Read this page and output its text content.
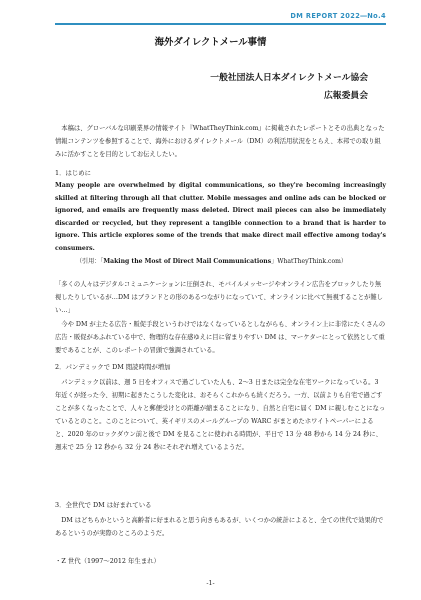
DM REPORT 2022―No.4
海外ダイレクトメール事情
一般社団法人日本ダイレクトメール協会
広報委員会

本稿は、グローバルな印刷業界の情報サイト『WhatTheyThink.com』に掲載されたレポートとその出典となった情報コンテンツを参照することで、海外におけるダイレクトメール（DM）の利活用状況をとらえ、本邦での取り組みに活かすことを目的としてお伝えしたい。

1．はじめに

Many people are overwhelmed by digital communications, so they're becoming increasingly skilled at filtering through all that clutter. Mobile messages and online ads can be blocked or ignored, and emails are frequently mass deleted. Direct mail pieces can also be immediately discarded or recycled, but they represent a tangible connection to a brand that is harder to ignore. This article explores some of the trends that make direct mail effective among today's consumers.

（引用：「Making the Most of Direct Mail Communications」WhatTheyThink.com）

「多くの人々はデジタルコミュニケーションに圧倒され、モバイルメッセージやオンライン広告をブロックしたり無視したりしているが…DM はブランドとの形のあるつながりになっていて、オンラインに比べて無視することが難しい…」

今や DM が主たる広告・販促手段というわけではなくなっているとしながらも、オンライン上に非常にたくさんの広告・販促があふれている中で、物理的な存在感ゆえに目に留まりやすい DM は、マーケターにとって依然として重要であることが、このレポートの冒頭で強調されている。

2．パンデミックで DM 閲読時間が増加

パンデミック以前は、週 5 日をオフィスで過ごしていた人も、2～3 日または完全な在宅ワークになっている。3 年近くが経った今、初期に起きたこうした変化は、おそらくこれからも続くだろう。一方、以前よりも自宅で過ごすことが多くなったことで、人々と郵便受けとの距離が縮まることになり、自然と自宅に届く DM に親しむことになっているとのこと。このことについて、英イギリスのメールグループの WARC がまとめたホワイトペーパーによると、2020 年のロックダウン前と後で DM を見ることに使われる時間が、平日で 13 分 48 秒から 14 分 24 秒に、週末で 25 分 12 秒から 32 分 24 秒にそれぞれ増えているようだ。

3．全世代で DM は好まれている

DM はどちらかというと高齢者に好まれると思う向きもあるが、いくつかの統計によると、全ての世代で効果的であるというのが実際のところのようだ。

・Z 世代（1997～2012 年生まれ）
-1-
